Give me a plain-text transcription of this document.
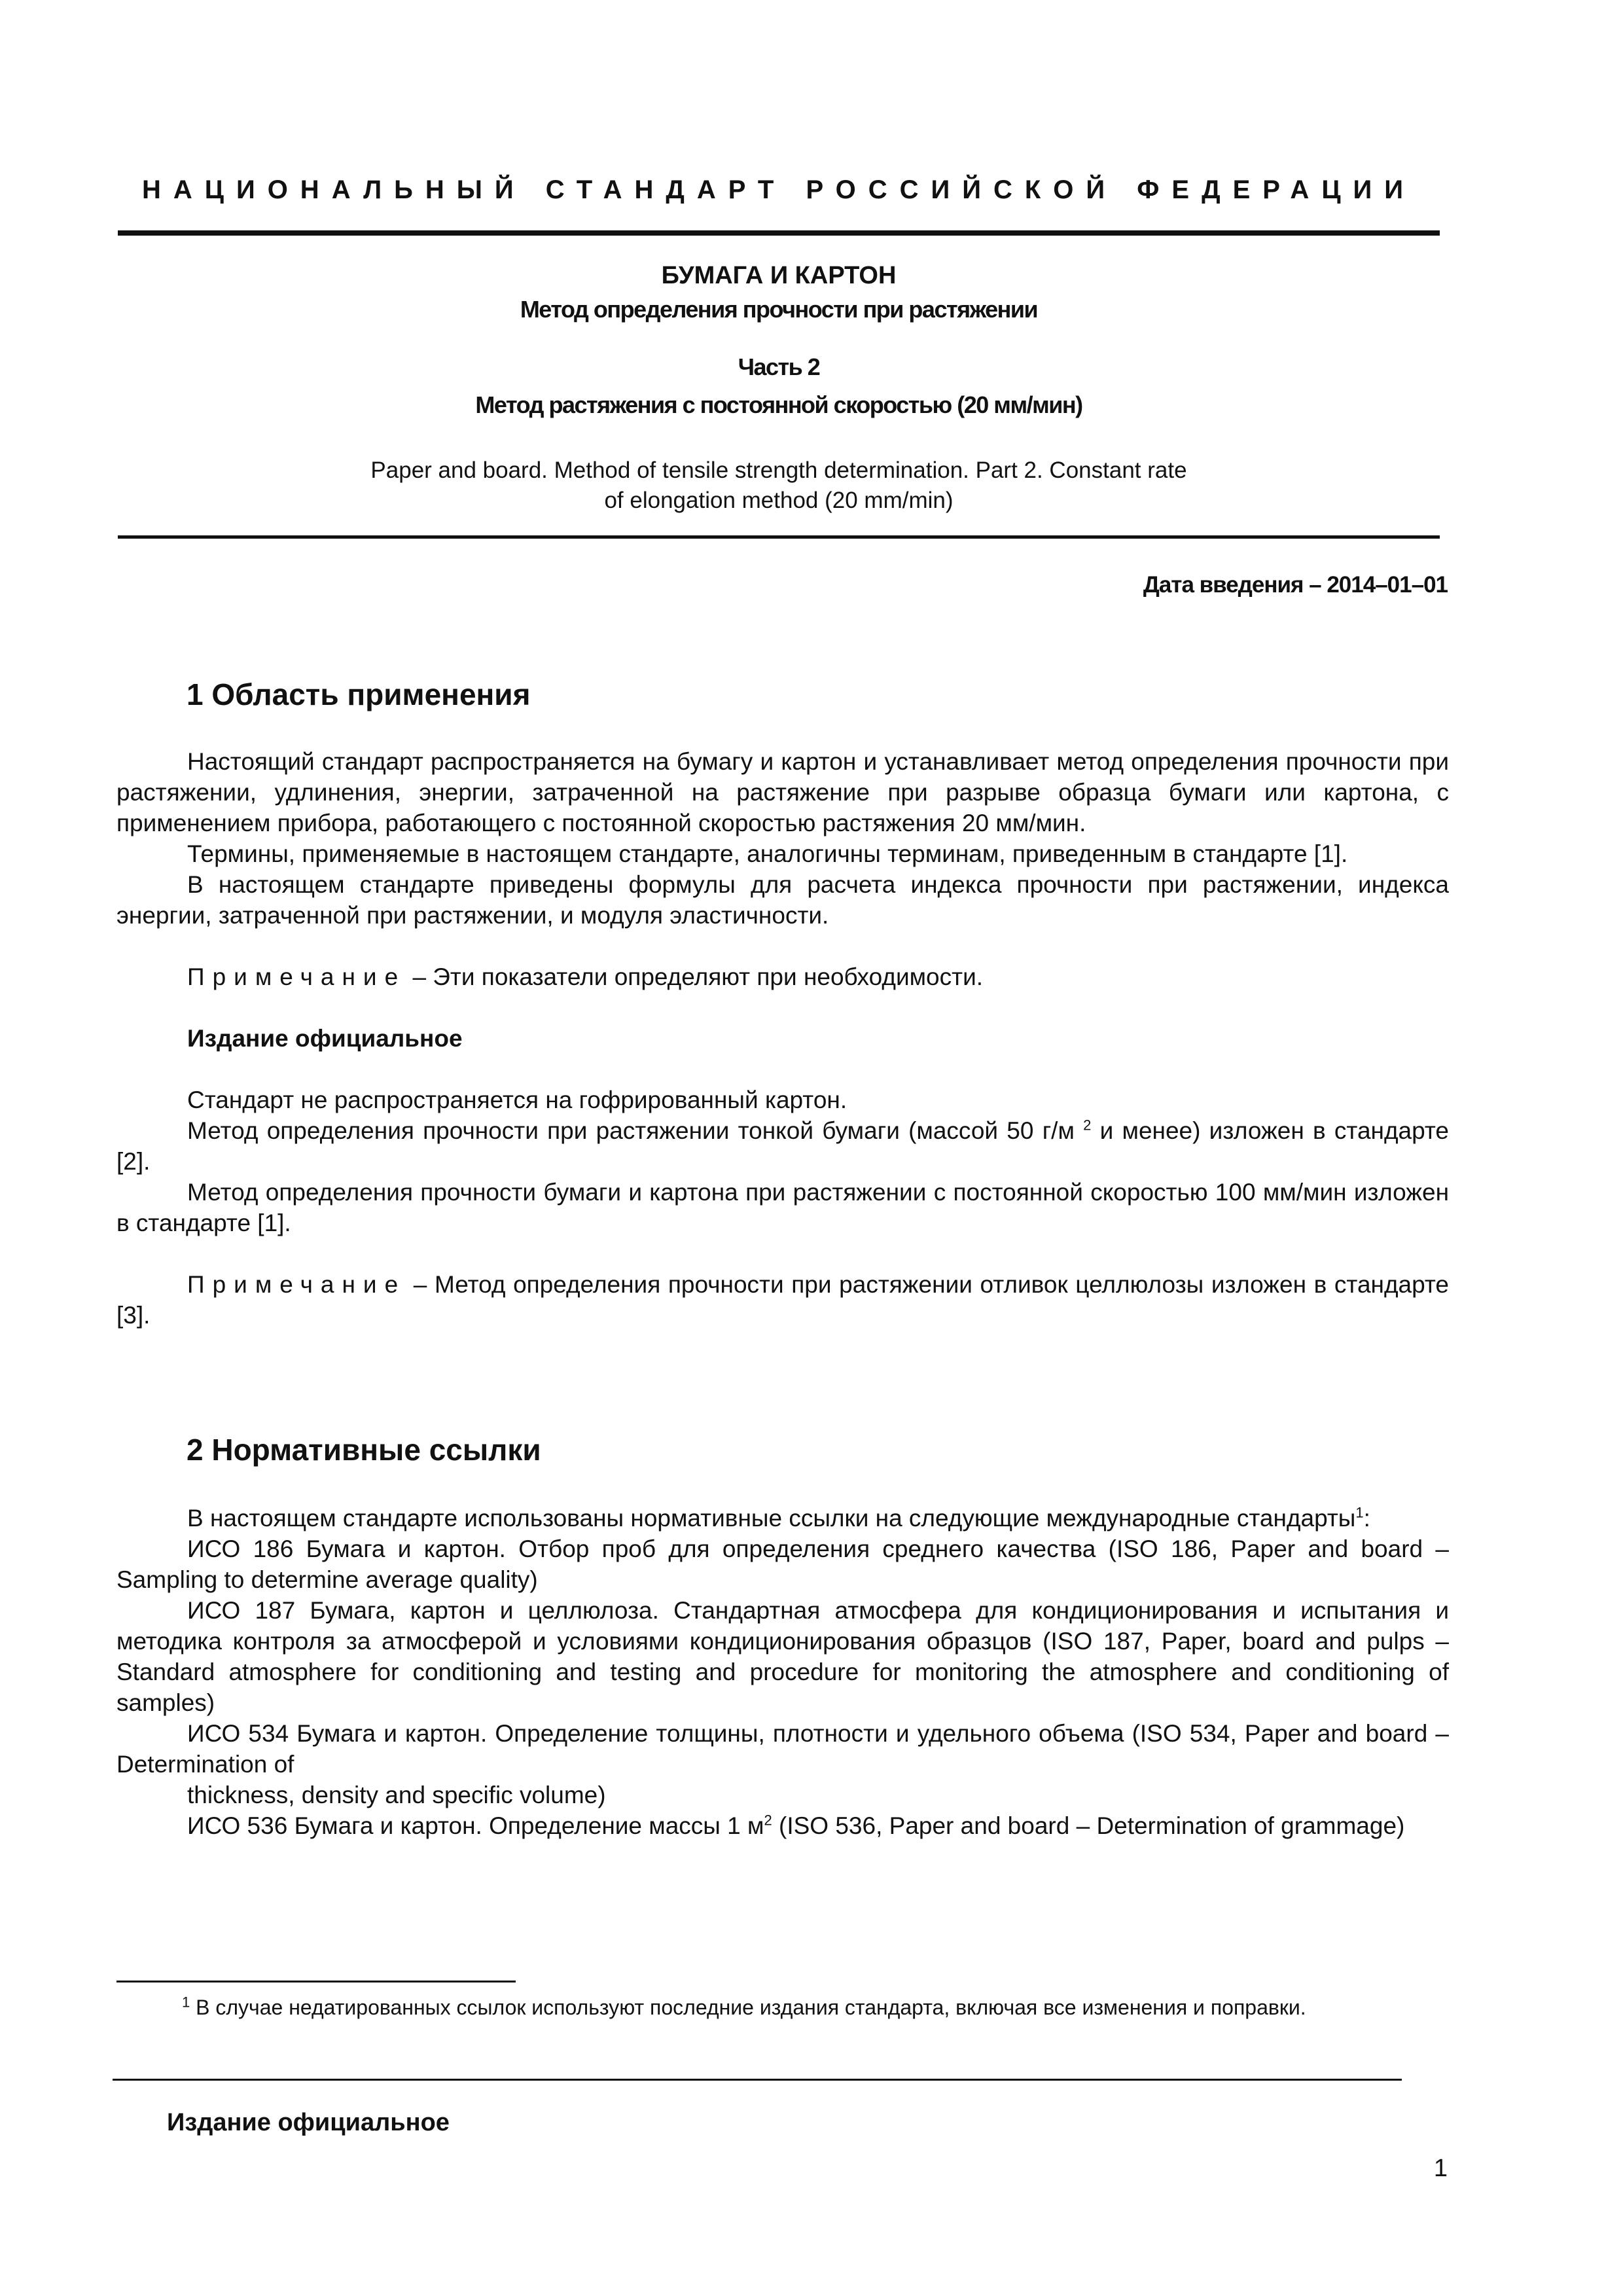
НАЦИОНАЛЬНЫЙ СТАНДАРТ РОССИЙСКОЙ ФЕДЕРАЦИИ
БУМАГА И КАРТОН
Метод определения прочности при растяжении
Часть 2
Метод растяжения с постоянной скоростью (20 мм/мин)
Paper and board. Method of tensile strength determination. Part 2. Constant rate
of elongation method (20 mm/min)
Дата введения – 2014–01–01
1 Область применения

Настоящий стандарт распространяется на бумагу и картон и устанавливает метод определения прочности при растяжении, удлинения, энергии, затраченной на растяжение при разрыве образца бумаги или картона, с применением прибора, работающего с постоянной скоростью растяжения 20 мм/мин.

Термины, применяемые в настоящем стандарте, аналогичны терминам, приведенным в стандарте [1].

В настоящем стандарте приведены формулы для расчета индекса прочности при растяжении, индекса энергии, затраченной при растяжении, и модуля эластичности.

Примечание – Эти показатели определяют при необходимости.

Издание официальное

Стандарт не распространяется на гофрированный картон.

Метод определения прочности при растяжении тонкой бумаги (массой 50 г/м $^2$ и менее) изложен в стандарте [2].

Метод определения прочности бумаги и картона при растяжении с постоянной скоростью 100 мм/мин изложен в стандарте [1].

Примечание – Метод определения прочности при растяжении отливок целлюлозы изложен в стандарте [3].

2 Нормативные ссылки

В настоящем стандарте использованы нормативные ссылки на следующие международные стандарты$^1$:

ИСО 186 Бумага и картон. Отбор проб для определения среднего качества (ISO 186, Paper and board – Sampling to determine average quality)

ИСО 187 Бумага, картон и целлюлоза. Стандартная атмосфера для кондиционирования и испытания и методика контроля за атмосферой и условиями кондиционирования образцов (ISO 187, Paper, board and pulps – Standard atmosphere for conditioning and testing and procedure for monitoring the atmosphere and conditioning of samples)

ИСО 534 Бумага и картон. Определение толщины, плотности и удельного объема (ISO 534, Paper and board – Determination of

thickness, density and specific volume)

ИСО 536 Бумага и картон. Определение массы 1 $м^2$ (ISO 536, Paper and board – Determination of grammage)

$^1$ В случае недатированных ссылок используют последние издания стандарта, включая все изменения и поправки.

Издание официальное
1
